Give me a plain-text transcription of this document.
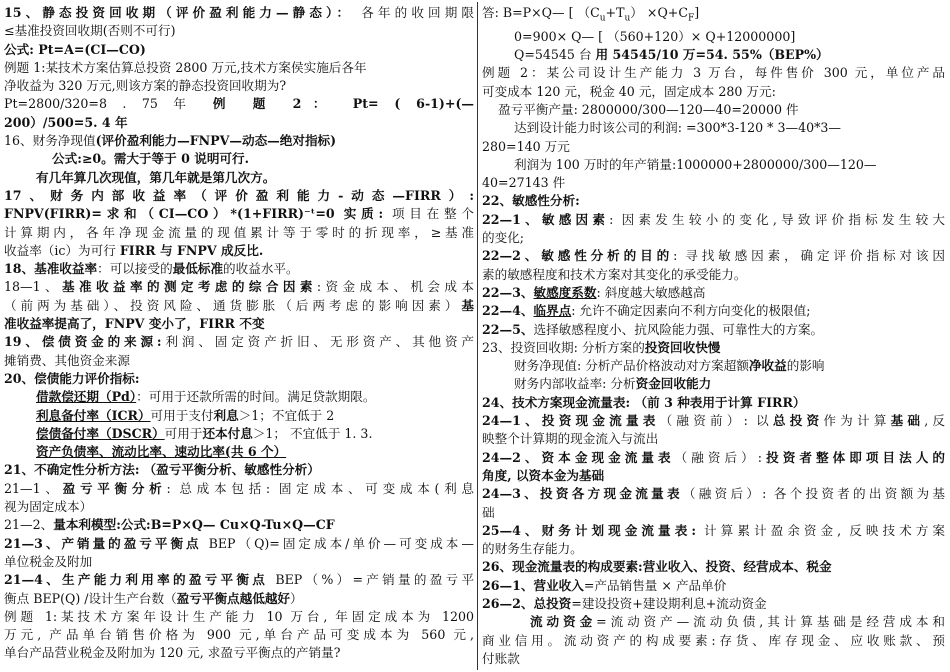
15、静态投资回收期（评价盈利能力—静态）： 各年的收回期限
≤基准投资回收期(否则不可行)
公式: Pt=A=(CI—CO)
例题 1:某技术方案估算总投资 2800 万元,技术方案侯实施后各年
净收益为 320 万元,则该方案的静态投资回收期为?
Pt=2800/320=8 . 75 年 例 题 2： Pt= ( 6-1)+(—
200）/500=5. 4 年
16、财务净现值(评价盈利能力—FNPV—动态—绝对指标)
公式:≥0。需大于等于 0 说明可行.
有几年算几次现值，第几年就是第几次方。
17、财务内部收益率（评价盈利能力-动态—FIRR）:
FNPV(FIRR)=求和（CI—CO）*(1+FIRR)⁻ᵗ=0 实质: 项目在整个
计算期内，各年净现金流量的现值累计等于零时的折现率，≥基准
收益率（ic）为可行 FIRR 与 FNPV 成反比.
18、基准收益率：可以接受的最低标准的收益水平。
18—1、基准收益率的测定考虑的综合因素:资金成本、机会成本
（前两为基础）、投资风险、通货膨胀（后两考虑的影响因素）基
准收益率提高了，FNPV 变小了，FIRR 不变
19、偿债资金的来源:利润、固定资产折旧、无形资产、其他资产
摊销费、其他资金来源
20、偿债能力评价指标:
借款偿还期（Pd）：可用于还款所需的时间。满足贷款期限。
利息备付率（ICR）可用于支付利息＞1；不宜低于 2
偿债备付率（DSCR）可用于还本付息＞1； 不宜低于 1. 3.
资产负债率、流动比率、速动比率(共 6 个）
21、不确定性分析方法: （盈亏平衡分析、敏感性分析）
21—1、盈亏平衡分析: 总成本包括: 固定成本、可变成本(利息
视为固定成本）
21—2、量本利模型:公式:B=P×Q— Cu×Q-Tu×Q—CF
21—3、产销量的盈亏平衡点 BEP（Q)=固定成本/单价—可变成本—
单位税金及附加
21—4、生产能力利用率的盈亏平衡点 BEP（%）=产销量的盈亏平
衡点 BEP(Q) /设计生产台数（盈亏平衡点越低越好）
例题 1:某技术方案年设计生产能力 10 万台, 年固定成本为 1200
万元, 产品单台销售价格为 900 元,单台产品可变成本为 560 元,
单台产品营业税金及附加为 120 元, 求盈亏平衡点的产销量?
答: B=P×Q— [ $(C_u+T_u) \times Q+C_F$]
0=900× Q— [ （560+120）× Q+12000000]
Q=54545 台 用 54545/10 万=54. 55%（BEP%）
例题 2：某公司设计生产能力 3 万台，每件售价 300 元，单位产品
可变成本 120 元，税金 40 元，固定成本 280 万元:
盈亏平衡产量: 2800000/300—120—40=20000 件
达到设计能力时该公司的利润: =300*3-120 * 3—40*3—
280=140 万元
利润为 100 万时的年产销量:1000000+2800000/300—120—
40=27143 件
22、敏感性分析:
22—1、敏感因素: 因素发生较小的变化,导致评价指标发生较大
的变化;
22—2、敏感性分析的目的: 寻找敏感因素，确定评价指标对该因
素的敏感程度和技术方案对其变化的承受能力。
22—3、敏感度系数: 斜度越大敏感越高
22—4、临界点: 允许不确定因素向不利方向变化的极限值;
22—5、选择敏感程度小、抗风险能力强、可靠性大的方案。
23、投资回收期: 分析方案的投资回收快慢
财务净现值: 分析产品价格波动对方案超额净收益的影响
财务内部收益率: 分析资金回收能力
24、技术方案现金流量表: （前 3 种表用于计算 FIRR）
24—1、投资现金流量表（融资前）: 以总投资作为计算基础,反
映整个计算期的现金流入与流出
24—2、资本金现金流量表（融资后）:投资者整体即项目法人的
角度, 以资本金为基础
24—3、投资各方现金流量表（融资后）: 各个投资者的出资额为基
础
25—4、财务计划现金流量表: 计算累计盈余资金, 反映技术方案
的财务生存能力。
26、现金流量表的构成要素:营业收入、投资、经营成本、税金
26—1、营业收入=产品销售量 × 产品单价
26—2、总投资=建设投资+建设期利息+流动资金
流动资金=流动资产—流动负债,其计算基础是经营成本和
商业信用。流动资产的构成要素:存货、库存现金、应收账款、预
付账款
